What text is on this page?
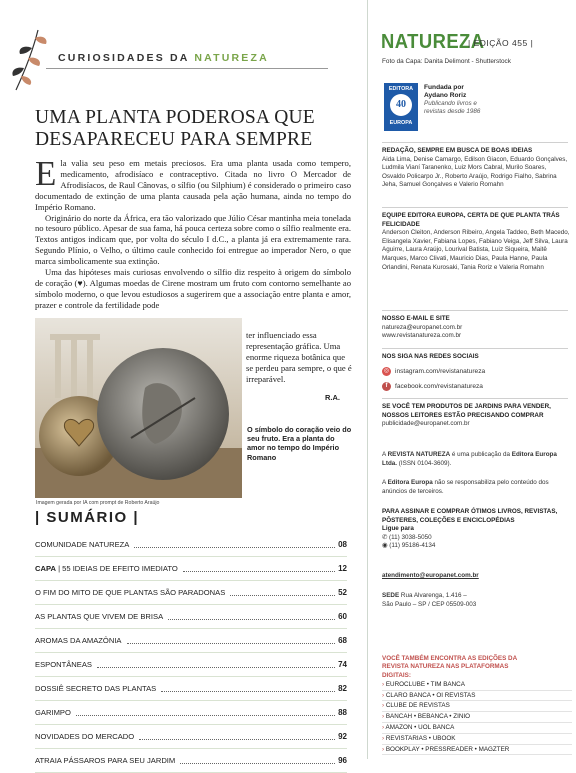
CURIOSIDADES DA NATUREZA
UMA PLANTA PODEROSA QUE DESAPARECEU PARA SEMPRE

Ela valia seu peso em metais preciosos. Era uma planta usada como tempero, medicamento, afrodisíaco e contraceptivo. Citada no livro O Mercador de Afrodisíacos, de Raul Cânovas, o sílfio (ou Silphium) é considerado o primeiro caso documentado de extinção de uma planta causada pela ação humana, ainda no tempo do Império Romano.

Originário do norte da África, era tão valorizado que Júlio César mantinha meia tonelada no tesouro público. Apesar de sua fama, há pouca certeza sobre como o sílfio realmente era. Textos antigos indicam que, por volta do século I d.C., a planta já era extremamente rara. Segundo Plínio, o Velho, o último caule conhecido foi entregue ao imperador Nero, o que marca simbolicamente sua extinção.

Uma das hipóteses mais curiosas envolvendo o sílfio diz respeito à origem do símbolo de coração (♥). Algumas moedas de Cirene mostram um fruto com contorno semelhante ao símbolo moderno, o que levou estudiosos a sugerirem que a associação entre planta e amor, prazer e controle da fertilidade pode

ter influenciado essa representação gráfica. Uma enorme riqueza botânica que se perdeu para sempre, o que é irreparável.
R.A.
O símbolo do coração veio do seu fruto. Era a planta do amor no tempo do Império Romano
Imagem gerada por IA com prompt de Roberto Araújo
| SUMÁRIO |
COMUNIDADE NATUREZA	08
CAPA | 55 IDEIAS DE EFEITO IMEDIATO	12
O FIM DO MITO DE QUE PLANTAS SÃO PARADONAS	52
AS PLANTAS QUE VIVEM DE BRISA	60
AROMAS DA AMAZÔNIA	68
ESPONTÂNEAS	74
DOSSIÊ SECRETO DAS PLANTAS	82
GARIMPO	88
NOVIDADES DO MERCADO	92
ATRAIA PÁSSAROS PARA SEU JARDIM	96
NATUREZA
| EDIÇÃO 455 |
Foto da Capa: Danita Delimont - Shutterstock
EDITORA
40
EUROPA
Fundada por
Aydano Roriz
Publicando livros e revistas desde 1986
REDAÇÃO, SEMPRE EM BUSCA DE BOAS IDEIAS
Aida Lima, Denise Camargo, Edilson Giacon, Eduardo Gonçalves, Ludmila Vianí Taranenko, Luiz Mors Cabral, Murilo Soares, Osvaldo Policarpo Jr., Roberto Araújo, Rodrigo Fialho, Sabrina Jeha, Samuel Gonçalves e Valerio Romahn
EQUIPE EDITORA EUROPA, CERTA DE QUE PLANTA TRÁS FELICIDADE
Anderson Cleiton, Anderson Ribeiro, Angela Taddeo, Beth Macedo, Elisangela Xavier, Fabiana Lopes, Fabiano Veiga, Jeff Silva, Laura Aguirre, Laura Araújo, Lourival Batista, Luiz Siqueira, Maitê Marques, Marco Clivati, Mauricio Dias, Paula Hanne, Paula Orlandini, Renata Kurosaki, Tania Roriz e Valeria Romahn
NOSSO E-MAIL E SITE
natureza@europanet.com.br
www.revistanatureza.com.br
NOS SIGA NAS REDES SOCIAIS
◎ instagram.com/revistanatureza
f	facebook.com/revistanatureza
SE VOCÊ TEM PRODUTOS DE JARDINS PARA VENDER, NOSSOS LEITORES ESTÃO PRECISANDO COMPRAR
publicidade@europanet.com.br
A REVISTA NATUREZA é uma publicação da Editora Europa Ltda. (ISSN 0104-3609).
A Editora Europa não se responsabiliza pelo conteúdo dos anúncios de terceiros.
PARA ASSINAR E COMPRAR ÓTIMOS LIVROS, REVISTAS, PÔSTERES, COLEÇÕES E ENCICLOPÉDIAS
Ligue para
✆ (11) 3038-5050
◉ (11) 95186-4134
atendimento@europanet.com.br
SEDE Rua Alvarenga, 1.416 –
São Paulo – SP / CEP 05509-003
VOCÊ TAMBÉM ENCONTRA AS EDIÇÕES DA REVISTA NATUREZA NAS PLATAFORMAS DIGITAIS:
› EUROCLUBE • TIM BANCA
› CLARO BANCA • OI REVISTAS
› CLUBE DE REVISTAS
› BANCAH • BEBANCA • ZINIO
› AMAZON • UOL BANCA
› REVISTARIAS • UBOOK
› BOOKPLAY • PRESSREADER • MAGZTER
